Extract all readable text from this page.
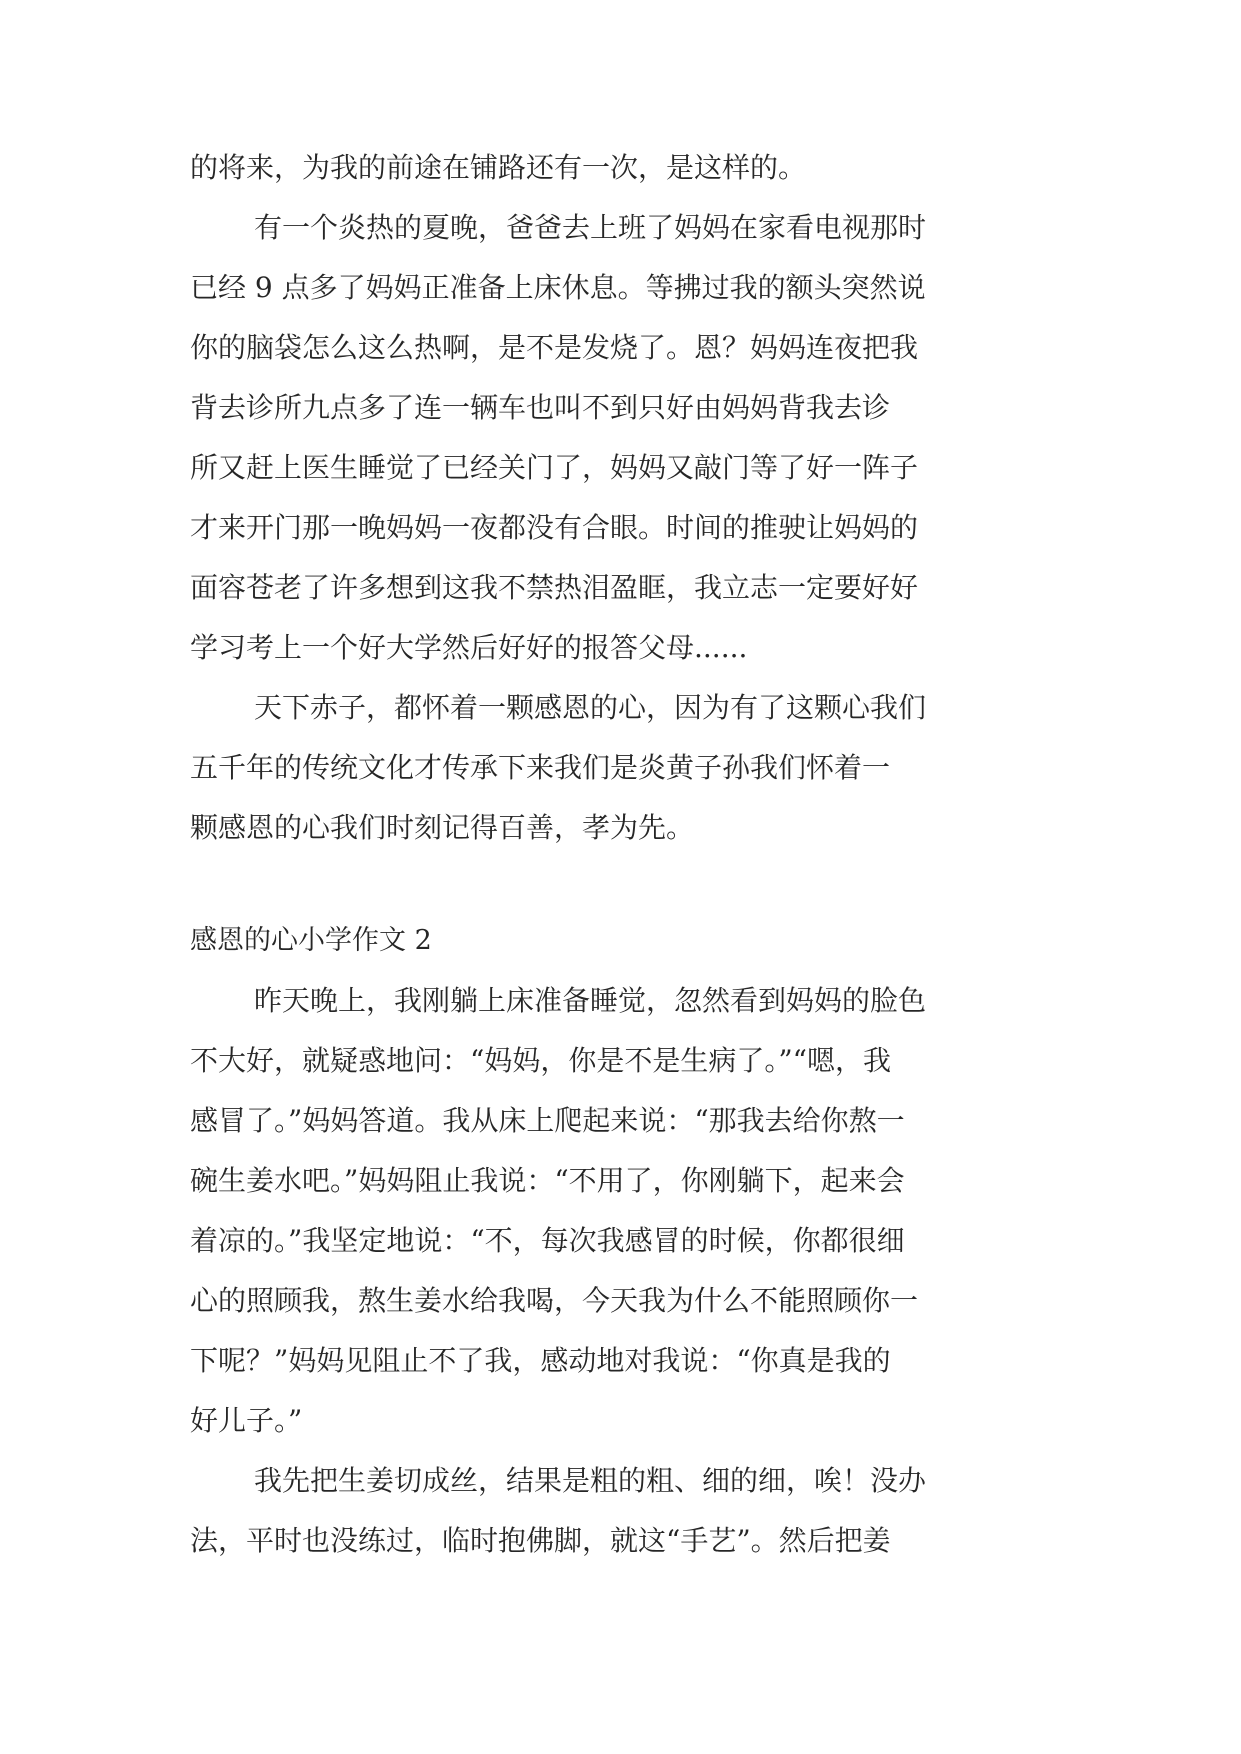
的将来，为我的前途在铺路还有一次，是这样的。
有一个炎热的夏晚，爸爸去上班了妈妈在家看电视那时
已经 9 点多了妈妈正准备上床休息。等拂过我的额头突然说
你的脑袋怎么这么热啊，是不是发烧了。恩？妈妈连夜把我
背去诊所九点多了连一辆车也叫不到只好由妈妈背我去诊
所又赶上医生睡觉了已经关门了，妈妈又敲门等了好一阵子
才来开门那一晚妈妈一夜都没有合眼。时间的推驶让妈妈的
面容苍老了许多想到这我不禁热泪盈眶，我立志一定要好好
学习考上一个好大学然后好好的报答父母......
天下赤子，都怀着一颗感恩的心，因为有了这颗心我们
五千年的传统文化才传承下来我们是炎黄子孙我们怀着一
颗感恩的心我们时刻记得百善，孝为先。
感恩的心小学作文 2
昨天晚上，我刚躺上床准备睡觉，忽然看到妈妈的脸色
不大好，就疑惑地问：“妈妈，你是不是生病了。”“嗯，我
感冒了。”妈妈答道。我从床上爬起来说：“那我去给你熬一
碗生姜水吧。”妈妈阻止我说：“不用了，你刚躺下，起来会
着凉的。”我坚定地说：“不，每次我感冒的时候，你都很细
心的照顾我，熬生姜水给我喝，今天我为什么不能照顾你一
下呢？”妈妈见阻止不了我，感动地对我说：“你真是我的
好儿子。”
我先把生姜切成丝，结果是粗的粗、细的细，唉！没办
法，平时也没练过，临时抱佛脚，就这“手艺”。然后把姜
